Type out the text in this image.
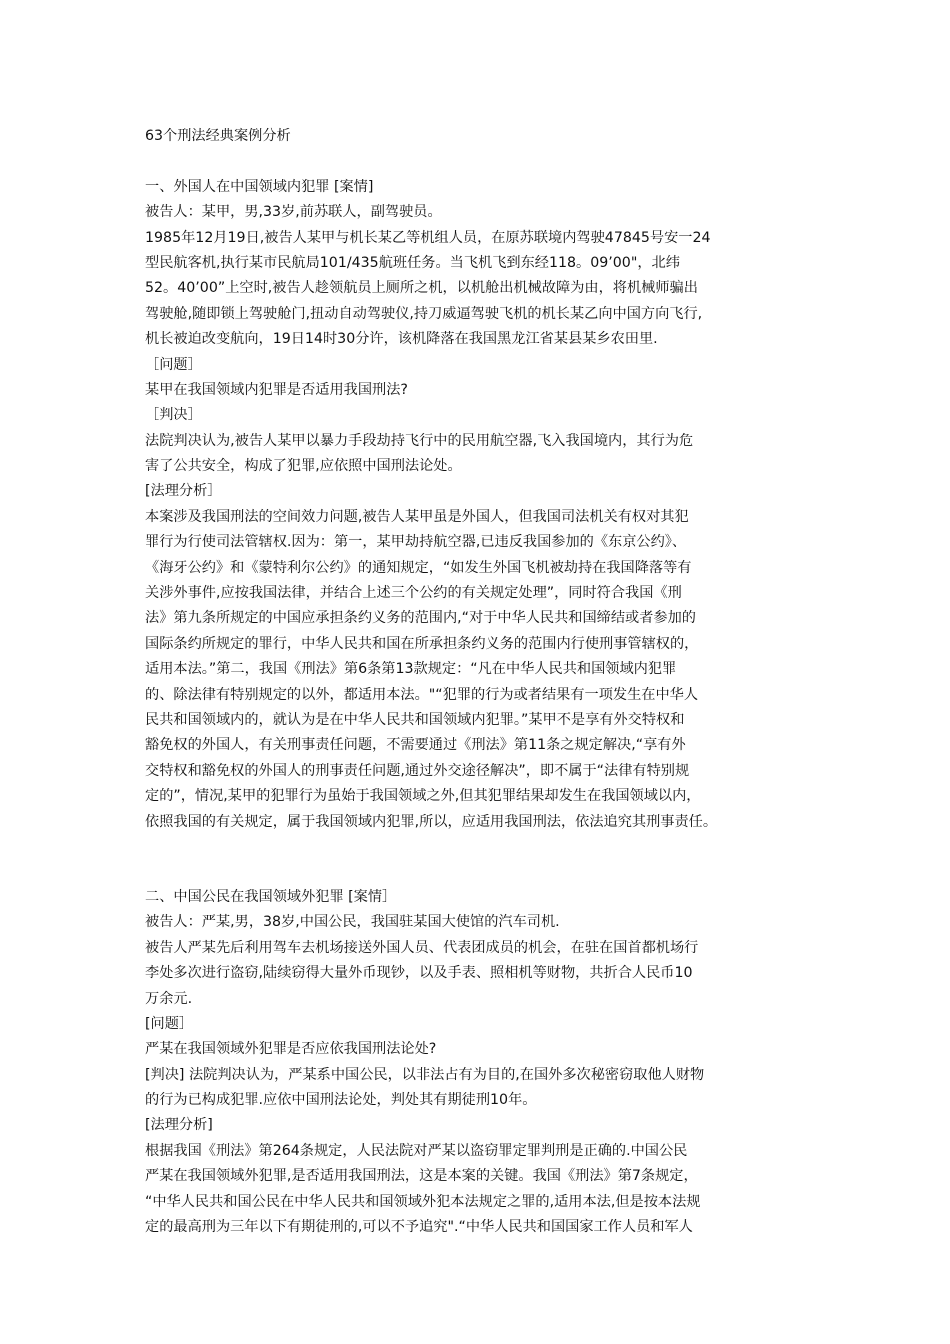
63个刑法经典案例分析
一、外国人在中国领域内犯罪 [案情]
被告人：某甲，男,33岁,前苏联人，副驾驶员。
1985年12月19日,被告人某甲与机长某乙等机组人员，在原苏联境内驾驶47845号安一24
型民航客机,执行某市民航局101/435航班任务。当飞机飞到东经118。09’00"，北纬
52。40’00”上空时,被告人趁领航员上厕所之机，以机舱出机械故障为由，将机械师骗出
驾驶舱,随即锁上驾驶舱门,扭动自动驾驶仪,持刀威逼驾驶飞机的机长某乙向中国方向飞行,
机长被迫改变航向，19日14时30分许，该机降落在我国黑龙江省某县某乡农田里.
［问题］
某甲在我国领域内犯罪是否适用我国刑法?
［判决］
法院判决认为,被告人某甲以暴力手段劫持飞行中的民用航空器,飞入我国境内，其行为危
害了公共安全，构成了犯罪,应依照中国刑法论处。
[法理分析］
本案涉及我国刑法的空间效力问题,被告人某甲虽是外国人，但我国司法机关有权对其犯
罪行为行使司法管辖权.因为：第一，某甲劫持航空器,已违反我国参加的《东京公约》、
《海牙公约》和《蒙特利尔公约》的通知规定，“如发生外国飞机被劫持在我国降落等有
关涉外事件,应按我国法律，并结合上述三个公约的有关规定处理”，同时符合我国《刑
法》第九条所规定的中国应承担条约义务的范围内,“对于中华人民共和国缔结或者参加的
国际条约所规定的罪行，中华人民共和国在所承担条约义务的范围内行使刑事管辖权的，
适用本法。”第二，我国《刑法》第6条第13款规定：“凡在中华人民共和国领域内犯罪
的、除法律有特别规定的以外，都适用本法。"“犯罪的行为或者结果有一项发生在中华人
民共和国领域内的，就认为是在中华人民共和国领域内犯罪。”某甲不是享有外交特权和
豁免权的外国人，有关刑事责任问题，不需要通过《刑法》第11条之规定解决,“享有外
交特权和豁免权的外国人的刑事责任问题,通过外交途径解决”，即不属于“法律有特别规
定的”，情况,某甲的犯罪行为虽始于我国领域之外,但其犯罪结果却发生在我国领域以内，
依照我国的有关规定，属于我国领域内犯罪,所以，应适用我国刑法，依法追究其刑事责任。
二、中国公民在我国领域外犯罪 [案情］
被告人：严某,男，38岁,中国公民，我国驻某国大使馆的汽车司机.
被告人严某先后利用驾车去机场接送外国人员、代表团成员的机会，在驻在国首都机场行
李处多次进行盗窃,陆续窃得大量外币现钞，以及手表、照相机等财物，共折合人民币10
万余元.
[问题］
严某在我国领域外犯罪是否应依我国刑法论处?
[判决] 法院判决认为，严某系中国公民，以非法占有为目的,在国外多次秘密窃取他人财物
的行为已构成犯罪.应依中国刑法论处，判处其有期徒刑10年。
[法理分析]
根据我国《刑法》第264条规定，人民法院对严某以盗窃罪定罪判刑是正确的.中国公民
严某在我国领域外犯罪,是否适用我国刑法，这是本案的关键。我国《刑法》第7条规定，
“中华人民共和国公民在中华人民共和国领域外犯本法规定之罪的,适用本法,但是按本法规
定的最高刑为三年以下有期徒刑的,可以不予追究".“中华人民共和国国家工作人员和军人
